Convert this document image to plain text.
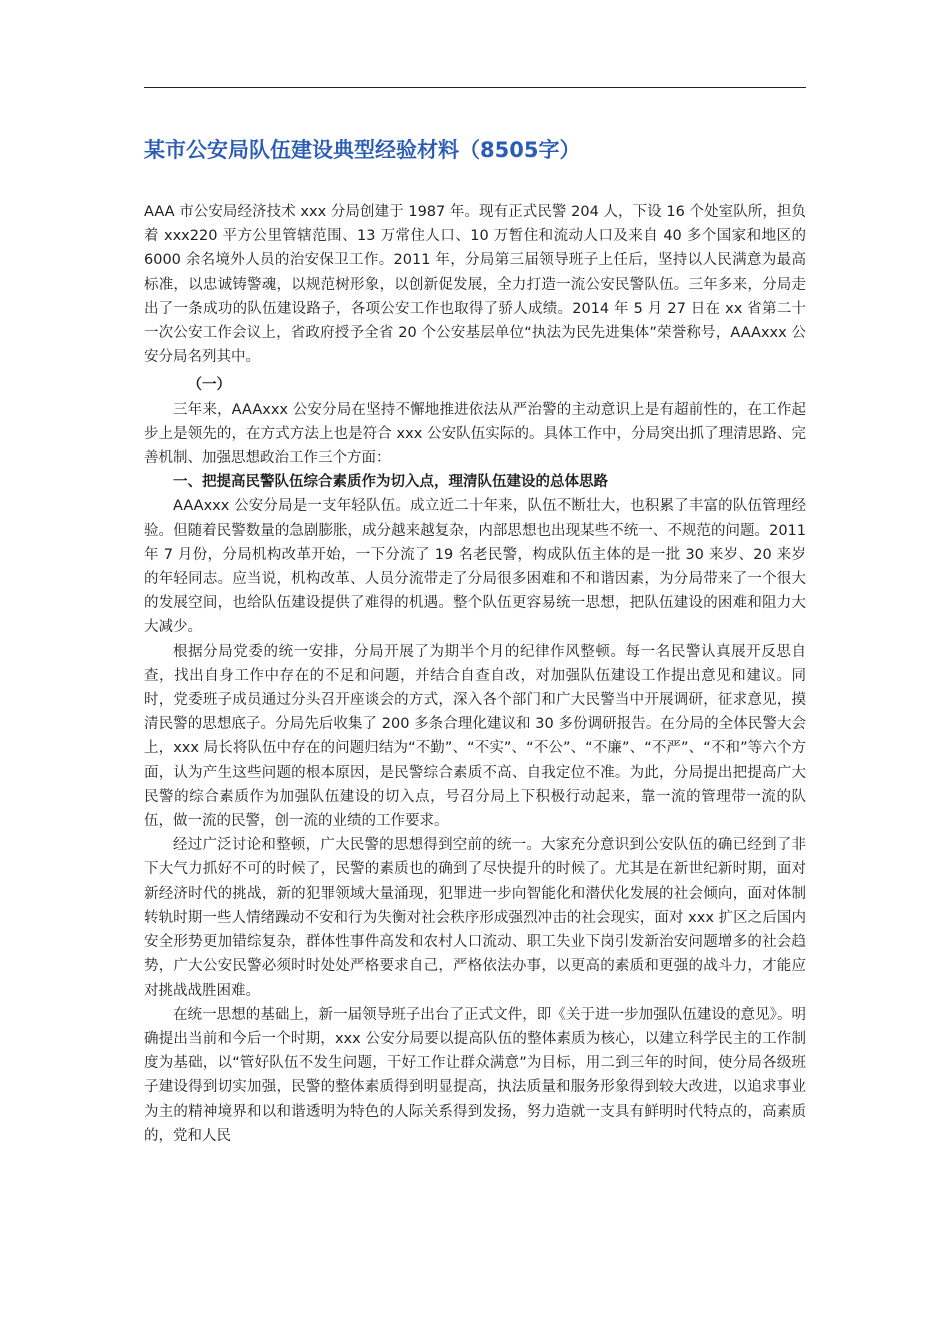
某市公安局队伍建设典型经验材料（8505字）

AAA 市公安局经济技术 xxx 分局创建于 1987 年。现有正式民警 204 人，下设 16 个处室队所，担负着 xxx220 平方公里管辖范围、13 万常住人口、10 万暂住和流动人口及来自 40 多个国家和地区的 6000 余名境外人员的治安保卫工作。2011 年，分局第三届领导班子上任后，坚持以人民满意为最高标准，以忠诚铸警魂，以规范树形象，以创新促发展，全力打造一流公安民警队伍。三年多来，分局走出了一条成功的队伍建设路子，各项公安工作也取得了骄人成绩。2014 年 5 月 27 日在 xx 省第二十一次公安工作会议上，省政府授予全省 20 个公安基层单位“执法为民先进集体”荣誉称号，AAAxxx 公安分局名列其中。

（一）

三年来，AAAxxx 公安分局在坚持不懈地推进依法从严治警的主动意识上是有超前性的，在工作起步上是领先的，在方式方法上也是符合 xxx 公安队伍实际的。具体工作中，分局突出抓了理清思路、完善机制、加强思想政治工作三个方面：

一、把提高民警队伍综合素质作为切入点，理清队伍建设的总体思路

AAAxxx 公安分局是一支年轻队伍。成立近二十年来，队伍不断壮大，也积累了丰富的队伍管理经验。但随着民警数量的急剧膨胀，成分越来越复杂，内部思想也出现某些不统一、不规范的问题。2011 年 7 月份，分局机构改革开始，一下分流了 19 名老民警，构成队伍主体的是一批 30 来岁、20 来岁的年轻同志。应当说，机构改革、人员分流带走了分局很多困难和不和谐因素，为分局带来了一个很大的发展空间，也给队伍建设提供了难得的机遇。整个队伍更容易统一思想，把队伍建设的困难和阻力大大减少。

根据分局党委的统一安排，分局开展了为期半个月的纪律作风整顿。每一名民警认真展开反思自查，找出自身工作中存在的不足和问题，并结合自查自改，对加强队伍建设工作提出意见和建议。同时，党委班子成员通过分头召开座谈会的方式，深入各个部门和广大民警当中开展调研，征求意见，摸清民警的思想底子。分局先后收集了 200 多条合理化建议和 30 多份调研报告。在分局的全体民警大会上，xxx 局长将队伍中存在的问题归结为“不勤”、“不实”、“不公”、“不廉”、“不严”、“不和”等六个方面，认为产生这些问题的根本原因，是民警综合素质不高、自我定位不准。为此，分局提出把提高广大民警的综合素质作为加强队伍建设的切入点，号召分局上下积极行动起来，靠一流的管理带一流的队伍，做一流的民警，创一流的业绩的工作要求。

经过广泛讨论和整顿，广大民警的思想得到空前的统一。大家充分意识到公安队伍的确已经到了非下大气力抓好不可的时候了，民警的素质也的确到了尽快提升的时候了。尤其是在新世纪新时期，面对新经济时代的挑战，新的犯罪领域大量涌现，犯罪进一步向智能化和潜伏化发展的社会倾向，面对体制转轨时期一些人情绪躁动不安和行为失衡对社会秩序形成强烈冲击的社会现实，面对 xxx 扩区之后国内安全形势更加错综复杂，群体性事件高发和农村人口流动、职工失业下岗引发新治安问题增多的社会趋势，广大公安民警必须时时处处严格要求自己，严格依法办事，以更高的素质和更强的战斗力，才能应对挑战战胜困难。

在统一思想的基础上，新一届领导班子出台了正式文件，即《关于进一步加强队伍建设的意见》。明确提出当前和今后一个时期，xxx 公安分局要以提高队伍的整体素质为核心，以建立科学民主的工作制度为基础，以“管好队伍不发生问题，干好工作让群众满意”为目标，用二到三年的时间，使分局各级班子建设得到切实加强，民警的整体素质得到明显提高，执法质量和服务形象得到较大改进，以追求事业为主的精神境界和以和谐透明为特色的人际关系得到发扬，努力造就一支具有鲜明时代特点的，高素质的，党和人民
